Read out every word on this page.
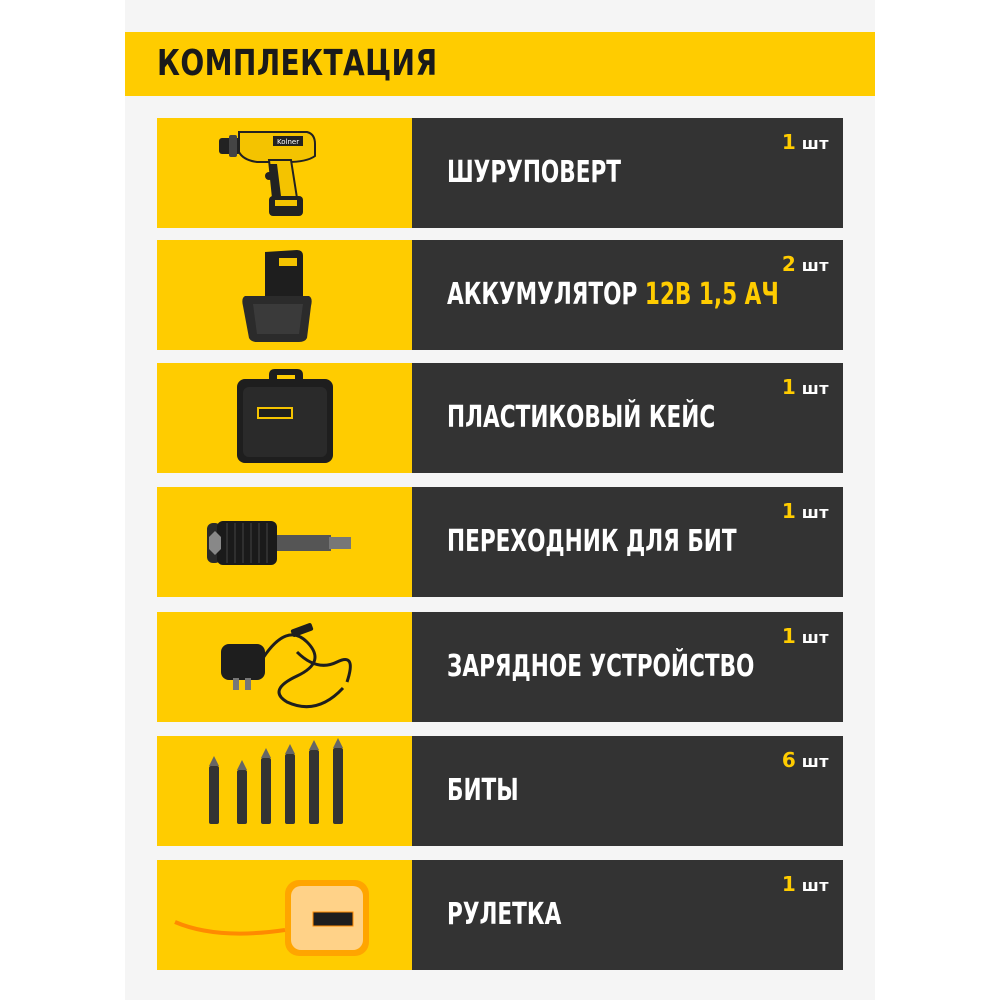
КОМПЛЕКТАЦИЯ
Kolner
ШУРУПОВЕРТ
1 шт
АККУМУЛЯТОР 12В 1,5 АЧ
2 шт
ПЛАСТИКОВЫЙ КЕЙС
1 шт
ПЕРЕХОДНИК ДЛЯ БИТ
1 шт
ЗАРЯДНОЕ УСТРОЙСТВО
1 шт
БИТЫ
6 шт
РУЛЕТКА
1 шт
